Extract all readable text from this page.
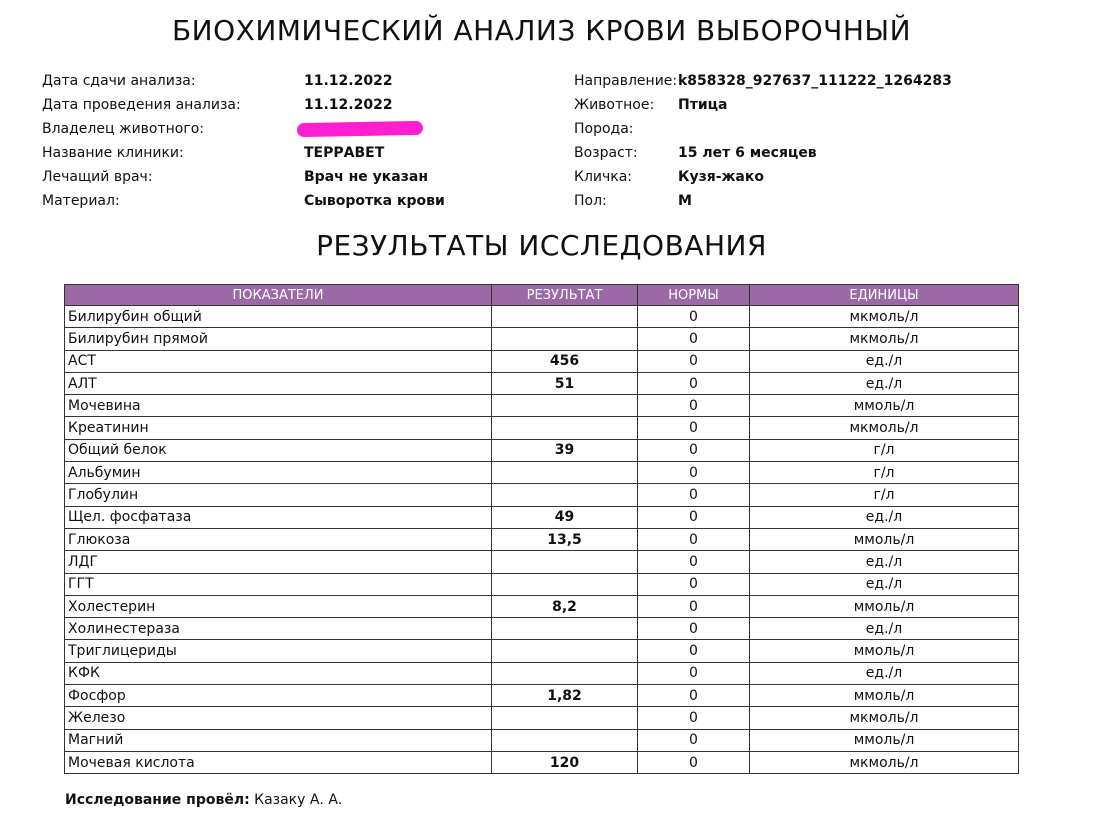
БИОХИМИЧЕСКИЙ АНАЛИЗ КРОВИ ВЫБОРОЧНЫЙ
Дата сдачи анализа:	11.12.2022
Дата проведения анализа:	11.12.2022
Владелец животного:
Название клиники:	ТЕРРАВЕТ
Лечащий врач:	Врач не указан
Материал:	Сыворотка крови
Направление: k858328_927637_111222_1264283
Животное: Птица
Порода:
Возраст:	15 лет 6 месяцев
Кличка:	Кузя-жако
Пол:	М
РЕЗУЛЬТАТЫ ИССЛЕДОВАНИЯ
ПОКАЗАТЕЛИ	РЕЗУЛЬТАТ	НОРМЫ	ЕДИНИЦЫ
Билирубин общий		0	мкмоль/л
Билирубин прямой		0	мкмоль/л
АСТ	456	0	ед./л
АЛТ	51	0	ед./л
Мочевина		0	ммоль/л
Креатинин		0	мкмоль/л
Общий белок	39	0	г/л
Альбумин		0	г/л
Глобулин		0	г/л
Щел. фосфатаза	49	0	ед./л
Глюкоза	13,5	0	ммоль/л
ЛДГ		0	ед./л
ГГТ		0	ед./л
Холестерин	8,2	0	ммоль/л
Холинестераза		0	ед./л
Триглицериды		0	ммоль/л
КФК		0	ед./л
Фосфор	1,82	0	ммоль/л
Железо		0	мкмоль/л
Магний		0	ммоль/л
Мочевая кислота	120	0	мкмоль/л
Исследование провёл: Казаку А. А.
